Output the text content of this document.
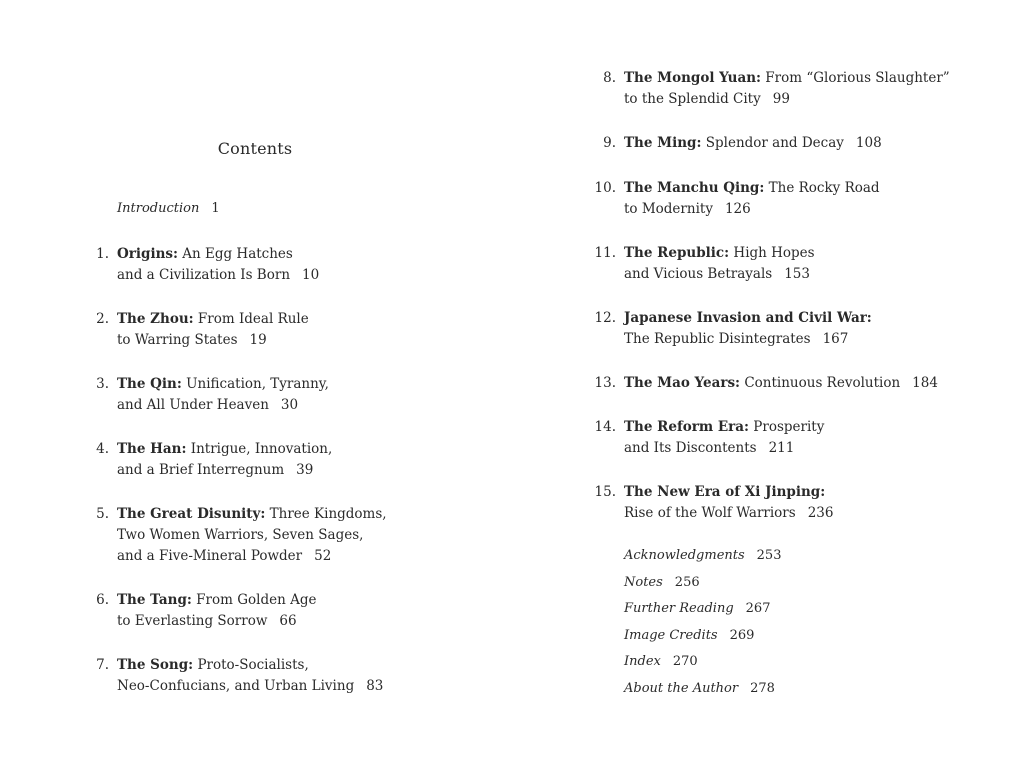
Contents
Introduction 1
1. Origins: An Egg Hatches
and a Civilization Is Born 10
2. The Zhou: From Ideal Rule
to Warring States 19
3. The Qin: Unification, Tyranny,
and All Under Heaven 30
4. The Han: Intrigue, Innovation,
and a Brief Interregnum 39
5. The Great Disunity: Three Kingdoms,
Two Women Warriors, Seven Sages,
and a Five-Mineral Powder 52
6. The Tang: From Golden Age
to Everlasting Sorrow 66
7. The Song: Proto-Socialists,
Neo-Confucians, and Urban Living 83
8. The Mongol Yuan: From “Glorious Slaughter”
to the Splendid City 99
9. The Ming: Splendor and Decay 108
10. The Manchu Qing: The Rocky Road
to Modernity 126
11. The Republic: High Hopes
and Vicious Betrayals 153
12. Japanese Invasion and Civil War:
The Republic Disintegrates 167
13. The Mao Years: Continuous Revolution 184
14. The Reform Era: Prosperity
and Its Discontents 211
15. The New Era of Xi Jinping:
Rise of the Wolf Warriors 236
Acknowledgments 253
Notes 256
Further Reading 267
Image Credits 269
Index 270
About the Author 278
